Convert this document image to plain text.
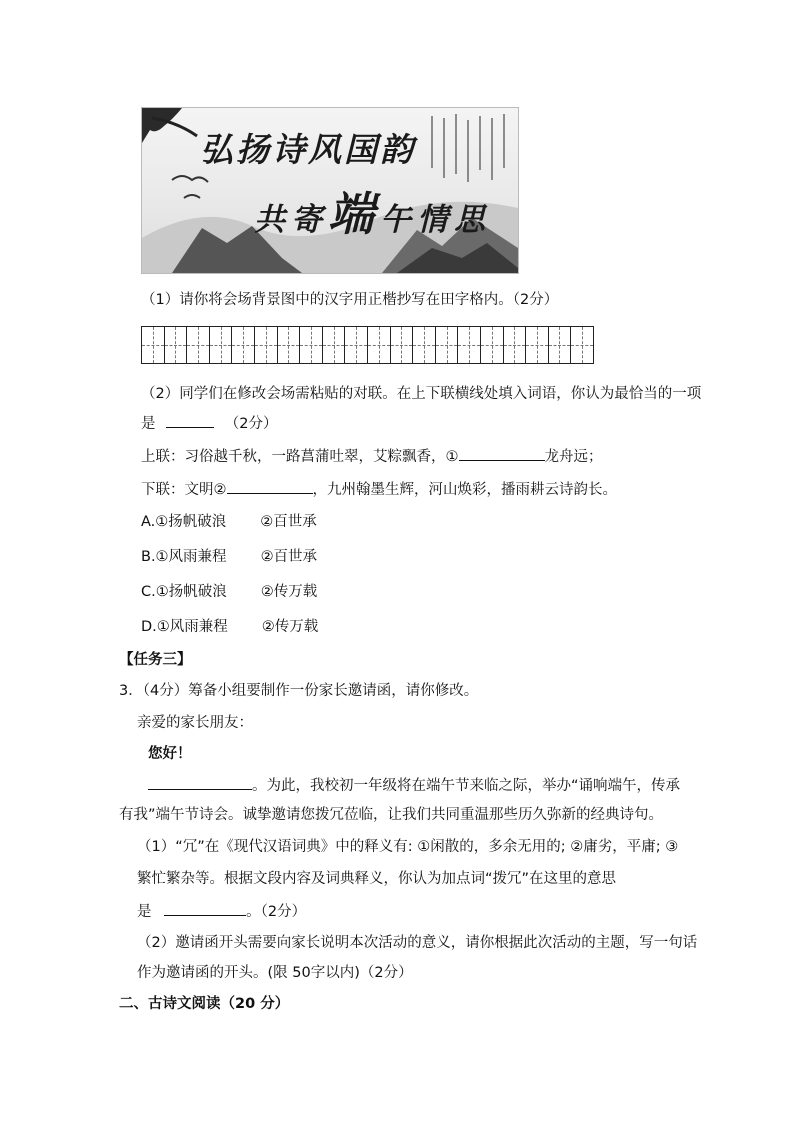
弘扬诗风国韵
共寄端午情思
（1）请你将会场背景图中的汉字用正楷抄写在田字格内。（2分）
（2）同学们在修改会场需粘贴的对联。在上下联横线处填入词语，你认为最恰当的一项
是	（2分）
上联：习俗越千秋，一路菖蒲吐翠，艾粽飘香，①	龙舟远；
下联：文明②	，九州翰墨生辉，河山焕彩，播雨耕云诗韵长。
A.①扬帆破浪 ②百世承
B.①风雨兼程 ②百世承
C.①扬帆破浪 ②传万载
D.①风雨兼程 ②传万载
【任务三】
3．（4分）筹备小组要制作一份家长邀请函，请你修改。
亲爱的家长朋友：
您好！
。为此，我校初一年级将在端午节来临之际，举办“诵响端午，传承
有我”端午节诗会。诚挚邀请您拨冗莅临，让我们共同重温那些历久弥新的经典诗句。
（1）“冗”在《现代汉语词典》中的释义有: ①闲散的，多余无用的; ②庸劣，平庸; ③
繁忙繁杂等。根据文段内容及词典释义，你认为加点词“拨冗”在这里的意思
是	。（2分）
（2）邀请函开头需要向家长说明本次活动的意义，请你根据此次活动的主题，写一句话
作为邀请函的开头。(限 50字以内)（2分）
二、古诗文阅读（20 分）
